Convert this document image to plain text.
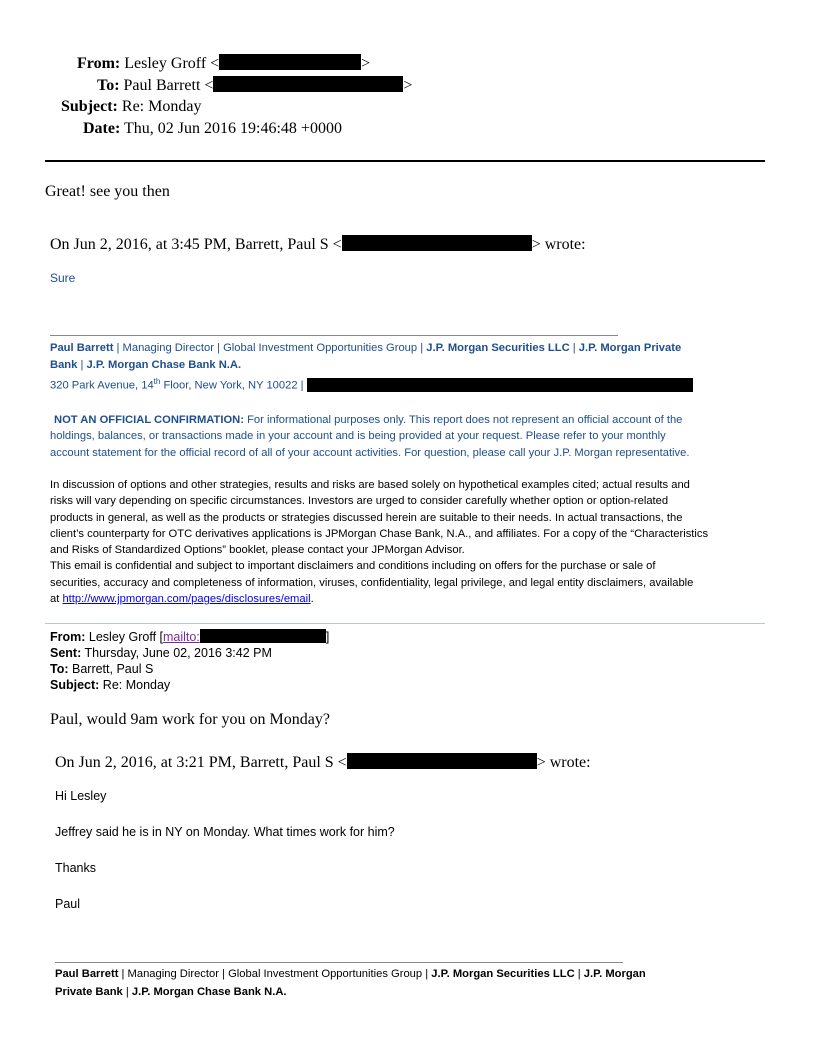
From: Lesley Groff <	>
To: Paul Barrett <	>
Subject: Re: Monday
Date: Thu, 02 Jun 2016 19:46:48 +0000
Great! see you then
On Jun 2, 2016, at 3:45 PM, Barrett, Paul S <	> wrote:
Sure
Paul Barrett | Managing Director | Global Investment Opportunities Group | J.P. Morgan Securities LLC | J.P. Morgan Private
Bank | J.P. Morgan Chase Bank N.A.
320 Park Avenue, 14th Floor, New York, NY 10022 |
NOT AN OFFICIAL CONFIRMATION: For informational purposes only. This report does not represent an official account of the
holdings, balances, or transactions made in your account and is being provided at your request. Please refer to your monthly
account statement for the official record of all of your account activities. For question, please call your J.P. Morgan representative.
In discussion of options and other strategies, results and risks are based solely on hypothetical examples cited; actual results and
risks will vary depending on specific circumstances. Investors are urged to consider carefully whether option or option-related
products in general, as well as the products or strategies discussed herein are suitable to their needs. In actual transactions, the
client’s counterparty for OTC derivatives applications is JPMorgan Chase Bank, N.A., and affiliates. For a copy of the “Characteristics
and Risks of Standardized Options” booklet, please contact your JPMorgan Advisor.
This email is confidential and subject to important disclaimers and conditions including on offers for the purchase or sale of
securities, accuracy and completeness of information, viruses, confidentiality, legal privilege, and legal entity disclaimers, available
at http://www.jpmorgan.com/pages/disclosures/email.
From: Lesley Groff [mailto:	]
Sent: Thursday, June 02, 2016 3:42 PM
To: Barrett, Paul S
Subject: Re: Monday
Paul, would 9am work for you on Monday?
On Jun 2, 2016, at 3:21 PM, Barrett, Paul S <	> wrote:
Hi Lesley
Jeffrey said he is in NY on Monday. What times work for him?
Thanks
Paul
Paul Barrett | Managing Director | Global Investment Opportunities Group | J.P. Morgan Securities LLC | J.P. Morgan
Private Bank | J.P. Morgan Chase Bank N.A.
